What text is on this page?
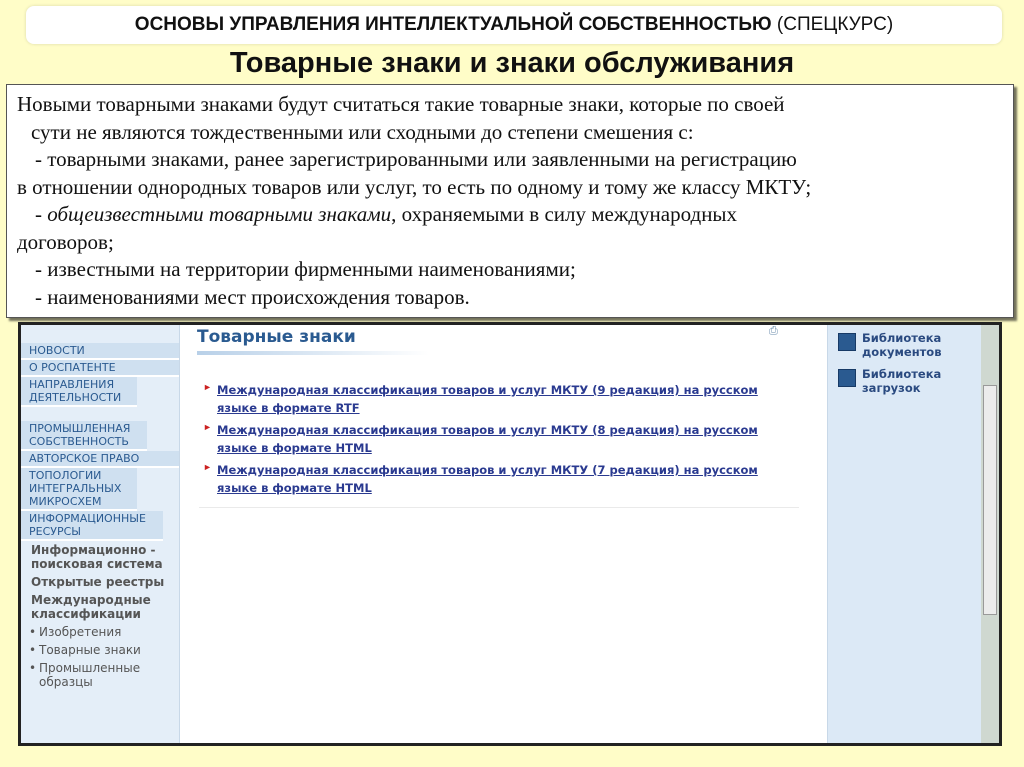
ОСНОВЫ УПРАВЛЕНИЯ ИНТЕЛЛЕКТУАЛЬНОЙ СОБСТВЕННОСТЬЮ
(СПЕЦКУРС)
Товарные знаки и знаки обслуживания

Новыми товарными знаками будут считаться такие товарные знаки, которые по своей

сути не являются тождественными или сходными до степени смешения с:

- товарными знаками, ранее зарегистрированными или заявленными на регистрацию

в отношении однородных товаров или услуг, то есть по одному и тому же классу МКТУ;

- общеизвестными товарными знаками, охраняемыми в силу международных

договоров;

- известными на территории фирменными наименованиями;

- наименованиями мест происхождения товаров.

НОВОСТИ
О РОСПАТЕНТЕ
НАПРАВЛЕНИЯ ДЕЯТЕЛЬНОСТИ
ПРОМЫШЛЕННАЯ СОБСТВЕННОСТЬ
АВТОРСКОЕ ПРАВО
ТОПОЛОГИИ ИНТЕГРАЛЬНЫХ МИКРОСХЕМ
ИНФОРМАЦИОННЫЕ РЕСУРСЫ
Информационно - поисковая система
Открытые реестры
Международные классификации
• Изобретения
• Товарные знаки
• Промышленные образцы
Товарные знаки	⎙
► Международная классификация товаров и услуг МКТУ (9 редакция) на русском языке в формате RTF
► Международная классификация товаров и услуг МКТУ (8 редакция) на русском языке в формате HTML
► Международная классификация товаров и услуг МКТУ (7 редакция) на русском языке в формате HTML
Библиотека документов
Библиотека загрузок
